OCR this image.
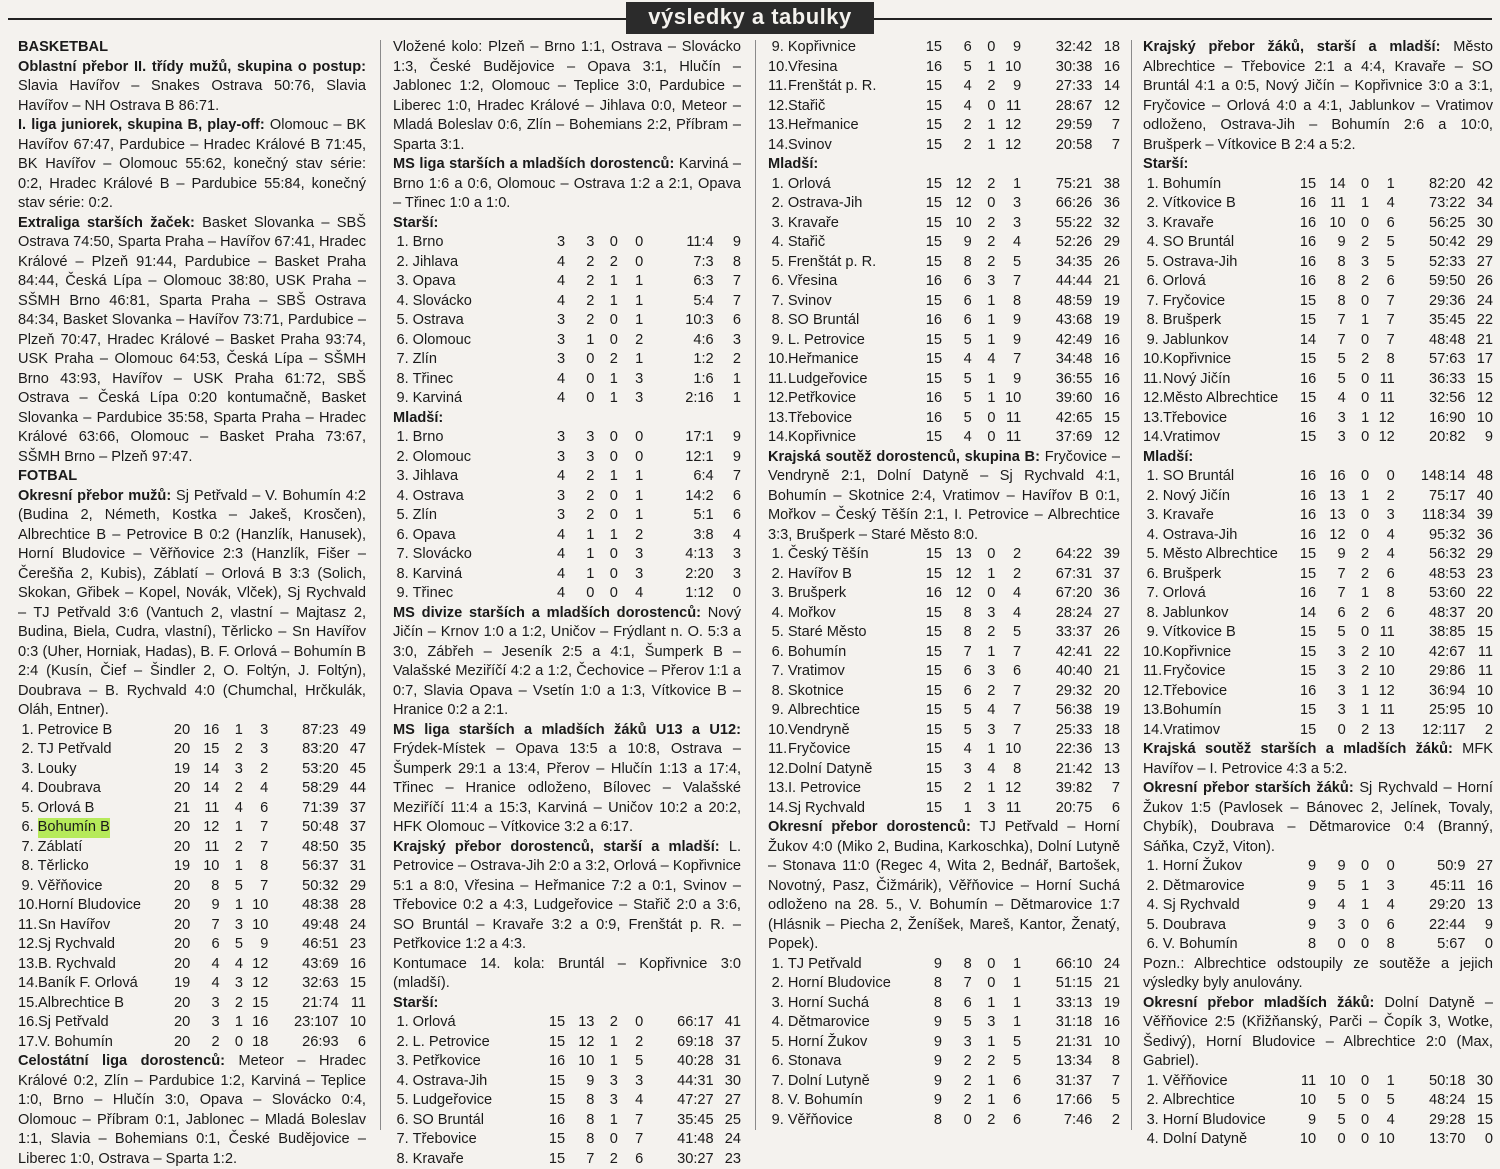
výsledky a tabulky
BASKETBAL
Oblastní přebor II. třídy mužů, skupina o postup: Slavia Havířov – Snakes Ostrava 50:76, Slavia Havířov – NH Ostrava B 86:71.
I. liga juniorek, skupina B, play-off: Olomouc – BK Havířov 67:47, Pardubice – Hradec Králové B 71:45, BK Havířov – Olomouc 55:62, konečný stav série: 0:2, Hradec Králové B – Pardubice 55:84, konečný stav série: 0:2.
Extraliga starších žaček: Basket Slovanka – SBŠ Ostrava 74:50, Sparta Praha – Havířov 67:41, Hradec Králové – Plzeň 91:44, Pardubice – Basket Praha 84:44, Česká Lípa – Olomouc 38:80, USK Praha – SŠMH Brno 46:81, Sparta Praha – SBŠ Ostrava 84:34, Basket Slovanka – Havířov 73:71, Pardubice – Plzeň 70:47, Hradec Králové – Basket Praha 93:74, USK Praha – Olomouc 64:53, Česká Lípa – SŠMH Brno 43:93, Havířov – USK Praha 61:72, SBŠ Ostrava – Česká Lípa 0:20 kontumačně, Basket Slovanka – Pardubice 35:58, Sparta Praha – Hradec Králové 63:66, Olomouc – Basket Praha 73:67, SŠMH Brno – Plzeň 97:47.
FOTBAL
Okresní přebor mužů: Sj Petřvald – V. Bohumín 4:2 (Budina 2, Németh, Kostka – Jakeš, Krosčen), Albrechtice B – Petrovice B 0:2 (Hanzlík, Hanusek), Horní Bludovice – Věřňovice 2:3 (Hanzlík, Fišer – Čerešňa 2, Kubis), Záblatí – Orlová B 3:3 (Solich, Skokan, Gřibek – Kopel, Novák, Vlček), Sj Rychvald – TJ Petřvald 3:6 (Vantuch 2, vlastní – Majtasz 2, Budina, Biela, Cudra, vlastní), Těrlicko – Sn Havířov 0:3 (Uher, Horniak, Hadas), B. F. Orlová – Bohumín B 2:4 (Kusín, Čief – Šindler 2, O. Foltýn, J. Foltýn), Doubrava – B. Rychvald 4:0 (Chumchal, Hrčkulák, Oláh, Entner).
1. Petrovice B	20 16	1	3	87:23 49
2. TJ Petřvald	20 15	2	3	83:20 47
3. Louky	19 14	3	2	53:20 45
4. Doubrava	20 14	2	4	58:29 44
5. Orlová B	21 11	4	6	71:39 37
6. Bohumín B	20 12	1	7	50:48 37
7. Záblatí	20 11	2	7	48:50 35
8. Těrlicko	19 10	1	8	56:37 31
9. Věřňovice	20	8	5	7	50:32 29
10. Horní Bludovice	20	9	1 10	48:38 28
11. Sn Havířov	20	7	3 10	49:48 24
12. Sj Rychvald	20	6	5	9	46:51 23
13. B. Rychvald	20	4	4 12	43:69 16
14. Baník F. Orlová	19	4	3 12	32:63 15
15. Albrechtice B	20	3	2 15	21:74 11
16. Sj Petřvald	20	3	1 16	23:107 10
17. V. Bohumín	20	2	0 18	26:93	6
Celostátní liga dorostenců: Meteor – Hradec Králové 0:2, Zlín – Pardubice 1:2, Karviná – Teplice 1:0, Brno – Hlučín 3:0, Opava – Slovácko 0:4, Olomouc – Příbram 0:1, Jablonec – Mladá Boleslav 1:1, Slavia – Bohemians 0:1, České Budějovice – Liberec 1:0, Ostrava – Sparta 1:2.
Vložené kolo: Plzeň – Brno 1:1, Ostrava – Slovácko 1:3, České Budějovice – Opava 3:1, Hlučín – Jablonec 1:2, Olomouc – Teplice 3:0, Pardubice – Liberec 1:0, Hradec Králové – Jihlava 0:0, Meteor – Mladá Boleslav 0:6, Zlín – Bohemians 2:2, Příbram – Sparta 3:1.
MS liga starších a mladších dorostenců: Karviná – Brno 1:6 a 0:6, Olomouc – Ostrava 1:2 a 2:1, Opava – Třinec 1:0 a 1:0.
Starší:
1. Brno	3	3	0	0	11:4	9
2. Jihlava	4	2	2	0	7:3	8
3. Opava	4	2	1	1	6:3	7
4. Slovácko	4	2	1	1	5:4	7
5. Ostrava	3	2	0	1	10:3	6
6. Olomouc	3	1	0	2	4:6	3
7. Zlín	3	0	2	1	1:2	2
8. Třinec	4	0	1	3	1:6	1
9. Karviná	4	0	1	3	2:16	1
Mladší:
1. Brno	3	3	0	0	17:1	9
2. Olomouc	3	3	0	0	12:1	9
3. Jihlava	4	2	1	1	6:4	7
4. Ostrava	3	2	0	1	14:2	6
5. Zlín	3	2	0	1	5:1	6
6. Opava	4	1	1	2	3:8	4
7. Slovácko	4	1	0	3	4:13	3
8. Karviná	4	1	0	3	2:20	3
9. Třinec	4	0	0	4	1:12	0
MS divize starších a mladších dorostenců: Nový Jičín – Krnov 1:0 a 1:2, Uničov – Frýdlant n. O. 5:3 a 3:0, Zábřeh – Jeseník 2:5 a 4:1, Šumperk B – Valašské Meziříčí 4:2 a 1:2, Čechovice – Přerov 1:1 a 0:7, Slavia Opava – Vsetín 1:0 a 1:3, Vítkovice B – Hranice 0:2 a 2:1.
MS liga starších a mladších žáků U13 a U12: Frýdek-Místek – Opava 13:5 a 10:8, Ostrava – Šumperk 29:1 a 13:4, Přerov – Hlučín 1:13 a 17:4, Třinec – Hranice odloženo, Bílovec – Valašské Meziříčí 11:4 a 15:3, Karviná – Uničov 10:2 a 20:2, HFK Olomouc – Vítkovice 3:2 a 6:17.
Krajský přebor dorostenců, starší a mladší: L. Petrovice – Ostrava-Jih 2:0 a 3:2, Orlová – Kopřivnice 5:1 a 8:0, Vřesina – Heřmanice 7:2 a 0:1, Svinov – Třebovice 0:2 a 4:3, Ludgeřovice – Stařič 2:0 a 3:6, SO Bruntál – Kravaře 3:2 a 0:9, Frenštát p. R. – Petřkovice 1:2 a 4:3.
Kontumace 14. kola: Bruntál – Kopřivnice 3:0 (mladší).
Starší:
1. Orlová	15 13	2	0	66:17 41
2. L. Petrovice	15 12	1	2	69:18 37
3. Petřkovice	16 10	1	5	40:28 31
4. Ostrava-Jih	15	9	3	3	44:31 30
5. Ludgeřovice	15	8	3	4	47:27 27
6. SO Bruntál	16	8	1	7	35:45 25
7. Třebovice	15	8	0	7	41:48 24
8. Kravaře	15	7	2	6	30:27 23
9. Kopřivnice	15	6	0	9	32:42 18
10. Vřesina	16	5	1 10	30:38 16
11. Frenštát p. R.	15	4	2	9	27:33 14
12. Stařič	15	4	0 11	28:67 12
13. Heřmanice	15	2	1 12	29:59	7
14. Svinov	15	2	1 12	20:58	7
Mladší:
1. Orlová	15 12	2	1	75:21 38
2. Ostrava-Jih	15 12	0	3	66:26 36
3. Kravaře	15 10	2	3	55:22 32
4. Stařič	15	9	2	4	52:26 29
5. Frenštát p. R.	15	8	2	5	34:35 26
6. Vřesina	16	6	3	7	44:44 21
7. Svinov	15	6	1	8	48:59 19
8. SO Bruntál	16	6	1	9	43:68 19
9. L. Petrovice	15	5	1	9	42:49 16
10. Heřmanice	15	4	4	7	34:48 16
11. Ludgeřovice	15	5	1	9	36:55 16
12. Petřkovice	16	5	1 10	39:60 16
13. Třebovice	16	5	0 11	42:65 15
14. Kopřivnice	15	4	0 11	37:69 12
Krajská soutěž dorostenců, skupina B: Fryčovice – Vendryně 2:1, Dolní Datyně – Sj Rychvald 4:1, Bohumín – Skotnice 2:4, Vratimov – Havířov B 0:1, Mořkov – Český Těšín 2:1, I. Petrovice – Albrechtice 3:3, Brušperk – Staré Město 8:0.
1. Český Těšín	15 13	0	2	64:22 39
2. Havířov B	15 12	1	2	67:31 37
3. Brušperk	16 12	0	4	67:20 36
4. Mořkov	15	8	3	4	28:24 27
5. Staré Město	15	8	2	5	33:37 26
6. Bohumín	15	7	1	7	42:41 22
7. Vratimov	15	6	3	6	40:40 21
8. Skotnice	15	6	2	7	29:32 20
9. Albrechtice	15	5	4	7	56:38 19
10. Vendryně	15	5	3	7	25:33 18
11. Fryčovice	15	4	1 10	22:36 13
12. Dolní Datyně	15	3	4	8	21:42 13
13. I. Petrovice	15	2	1 12	39:82	7
14. Sj Rychvald	15	1	3 11	20:75	6
Okresní přebor dorostenců: TJ Petřvald – Horní Žukov 4:0 (Miko 2, Budina, Karkoschka), Dolní Lutyně – Stonava 11:0 (Regec 4, Wita 2, Bednář, Bartošek, Novotný, Pasz, Čižmárik), Věřňovice – Horní Suchá odloženo na 28. 5., V. Bohumín – Dětmarovice 1:7 (Hlásnik – Piecha 2, Ženíšek, Mareš, Kantor, Ženatý, Popek).
1. TJ Petřvald	9	8	0	1	66:10 24
2. Horní Bludovice	8	7	0	1	51:15 21
3. Horní Suchá	8	6	1	1	33:13 19
4. Dětmarovice	9	5	3	1	31:18 16
5. Horní Žukov	9	3	1	5	21:31 10
6. Stonava	9	2	2	5	13:34	8
7. Dolní Lutyně	9	2	1	6	31:37	7
8. V. Bohumín	9	2	1	6	17:66	5
9. Věřňovice	8	0	2	6	7:46	2
Krajský přebor žáků, starší a mladší: Město Albrechtice – Třebovice 2:1 a 4:4, Kravaře – SO Bruntál 4:1 a 0:5, Nový Jičín – Kopřivnice 3:0 a 3:1, Fryčovice – Orlová 4:0 a 4:1, Jablunkov – Vratimov odloženo, Ostrava-Jih – Bohumín 2:6 a 10:0, Brušperk – Vítkovice B 2:4 a 5:2.
Starší:
1. Bohumín	15 14	0	1	82:20 42
2. Vítkovice B	16 11	1	4	73:22 34
3. Kravaře	16 10	0	6	56:25 30
4. SO Bruntál	16	9	2	5	50:42 29
5. Ostrava-Jih	16	8	3	5	52:33 27
6. Orlová	16	8	2	6	59:50 26
7. Fryčovice	15	8	0	7	29:36 24
8. Brušperk	15	7	1	7	35:45 22
9. Jablunkov	14	7	0	7	48:48 21
10. Kopřivnice	15	5	2	8	57:63 17
11. Nový Jičín	16	5	0 11	36:33 15
12. Město Albrechtice	15	4	0 11	32:56 12
13. Třebovice	16	3	1 12	16:90 10
14. Vratimov	15	3	0 12	20:82	9
Mladší:
1. SO Bruntál	16 16	0	0	148:14 48
2. Nový Jičín	16 13	1	2	75:17 40
3. Kravaře	16 13	0	3	118:34 39
4. Ostrava-Jih	16 12	0	4	95:32 36
5. Město Albrechtice	15	9	2	4	56:32 29
6. Brušperk	15	7	2	6	48:53 23
7. Orlová	16	7	1	8	53:60 22
8. Jablunkov	14	6	2	6	48:37 20
9. Vítkovice B	15	5	0 11	38:85 15
10. Kopřivnice	15	3	2 10	42:67 11
11. Fryčovice	15	3	2 10	29:86 11
12. Třebovice	16	3	1 12	36:94 10
13. Bohumín	15	3	1 11	25:95 10
14. Vratimov	15	0	2 13	12:117	2
Krajská soutěž starších a mladších žáků: MFK Havířov – I. Petrovice 4:3 a 5:2.
Okresní přebor starších žáků: Sj Rychvald – Horní Žukov 1:5 (Pavlosek – Bánovec 2, Jelínek, Tovaly, Chybík), Doubrava – Dětmarovice 0:4 (Branný, Sáňka, Czyž, Viton).
1. Horní Žukov	9	9	0	0	50:9 27
2. Dětmarovice	9	5	1	3	45:11 16
4. Sj Rychvald	9	4	1	4	29:20 13
5. Doubrava	9	3	0	6	22:44	9
6. V. Bohumín	8	0	0	8	5:67	0
Pozn.: Albrechtice odstoupily ze soutěže a jejich výsledky byly anulovány.
Okresní přebor mladších žáků: Dolní Datyně – Věřňovice 2:5 (Křižňanský, Parči – Čopík 3, Wotke, Šedivý), Horní Bludovice – Albrechtice 2:0 (Max, Gabriel).
1. Věřňovice	11 10	0	1	50:18 30
2. Albrechtice	10	5	0	5	48:24 15
3. Horní Bludovice	9	5	0	4	29:28 15
4. Dolní Datyně	10	0	0 10	13:70	0
